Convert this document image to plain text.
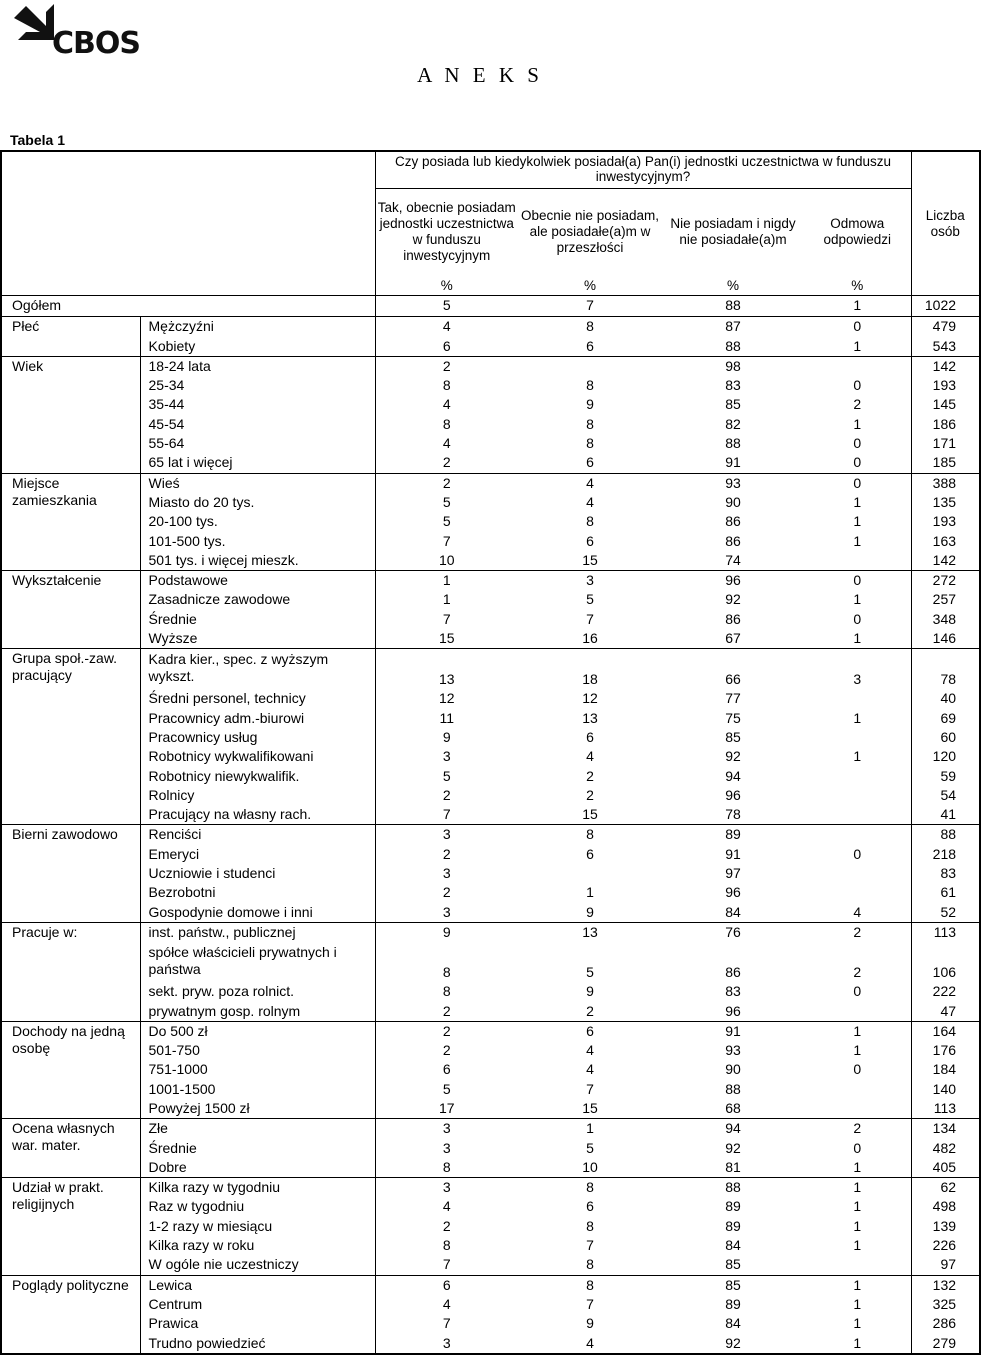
CBOS
A N E K S
Tabela 1
		Czy posiada lub kiedykolwiek posiadał(a) Pan(i) jednostki uczestnictwa w funduszu inwestycyjnym?				Liczba osób
		Tak, obecnie posiadam jednostki uczestnictwa w funduszu inwestycyjnym	Obecnie nie posiadam, ale posiadałe(a)m w przeszłości	Nie posiadam i nigdy nie posiadałe(a)m	Odmowa odpowiedzi	
		%	%	%	%	
Ogółem		5	7	88	1	1022
Płeć	Mężczyźni	4	8	87	0	479
	Kobiety	6	6	88	1	543
Wiek	18-24 lata	2		98		142
	25-34	8	8	83	0	193
	35-44	4	9	85	2	145
	45-54	8	8	82	1	186
	55-64	4	8	88	0	171
	65 lat i więcej	2	6	91	0	185
Miejsce zamieszkania	Wieś	2	4	93	0	388
	Miasto do 20 tys.	5	4	90	1	135
	20-100 tys.	5	8	86	1	193
	101-500 tys.	7	6	86	1	163
	501 tys. i więcej mieszk.	10	15	74		142
Wykształcenie	Podstawowe	1	3	96	0	272
	Zasadnicze zawodowe	1	5	92	1	257
	Średnie	7	7	86	0	348
	Wyższe	15	16	67	1	146
Grupa społ.-zaw. pracujący	Kadra kier., spec. z wyższym wykszt.	13	18	66	3	78
	Średni personel, technicy	12	12	77		40
	Pracownicy adm.-biurowi	11	13	75	1	69
	Pracownicy usług	9	6	85		60
	Robotnicy wykwalifikowani	3	4	92	1	120
	Robotnicy niewykwalifik.	5	2	94		59
	Rolnicy	2	2	96		54
	Pracujący na własny rach.	7	15	78		41
Bierni zawodowo	Renciści	3	8	89		88
	Emeryci	2	6	91	0	218
	Uczniowie i studenci	3		97		83
	Bezrobotni	2	1	96		61
	Gospodynie domowe i inni	3	9	84	4	52
Pracuje w:	inst. państw., publicznej	9	13	76	2	113
	spółce właścicieli prywatnych i państwa	8	5	86	2	106
	sekt. pryw. poza rolnict.	8	9	83	0	222
	prywatnym gosp. rolnym	2	2	96		47
Dochody na jedną osobę	Do 500 zł	2	6	91	1	164
	501-750	2	4	93	1	176
	751-1000	6	4	90	0	184
	1001-1500	5	7	88		140
	Powyżej 1500 zł	17	15	68		113
Ocena własnych war. mater.	Złe	3	1	94	2	134
	Średnie	3	5	92	0	482
	Dobre	8	10	81	1	405
Udział w prakt. religijnych	Kilka razy w tygodniu	3	8	88	1	62
	Raz w tygodniu	4	6	89	1	498
	1-2 razy w miesiącu	2	8	89	1	139
	Kilka razy w roku	8	7	84	1	226
	W ogóle nie uczestniczy	7	8	85		97
Poglądy polityczne	Lewica	6	8	85	1	132
	Centrum	4	7	89	1	325
	Prawica	7	9	84	1	286
	Trudno powiedzieć	3	4	92	1	279
